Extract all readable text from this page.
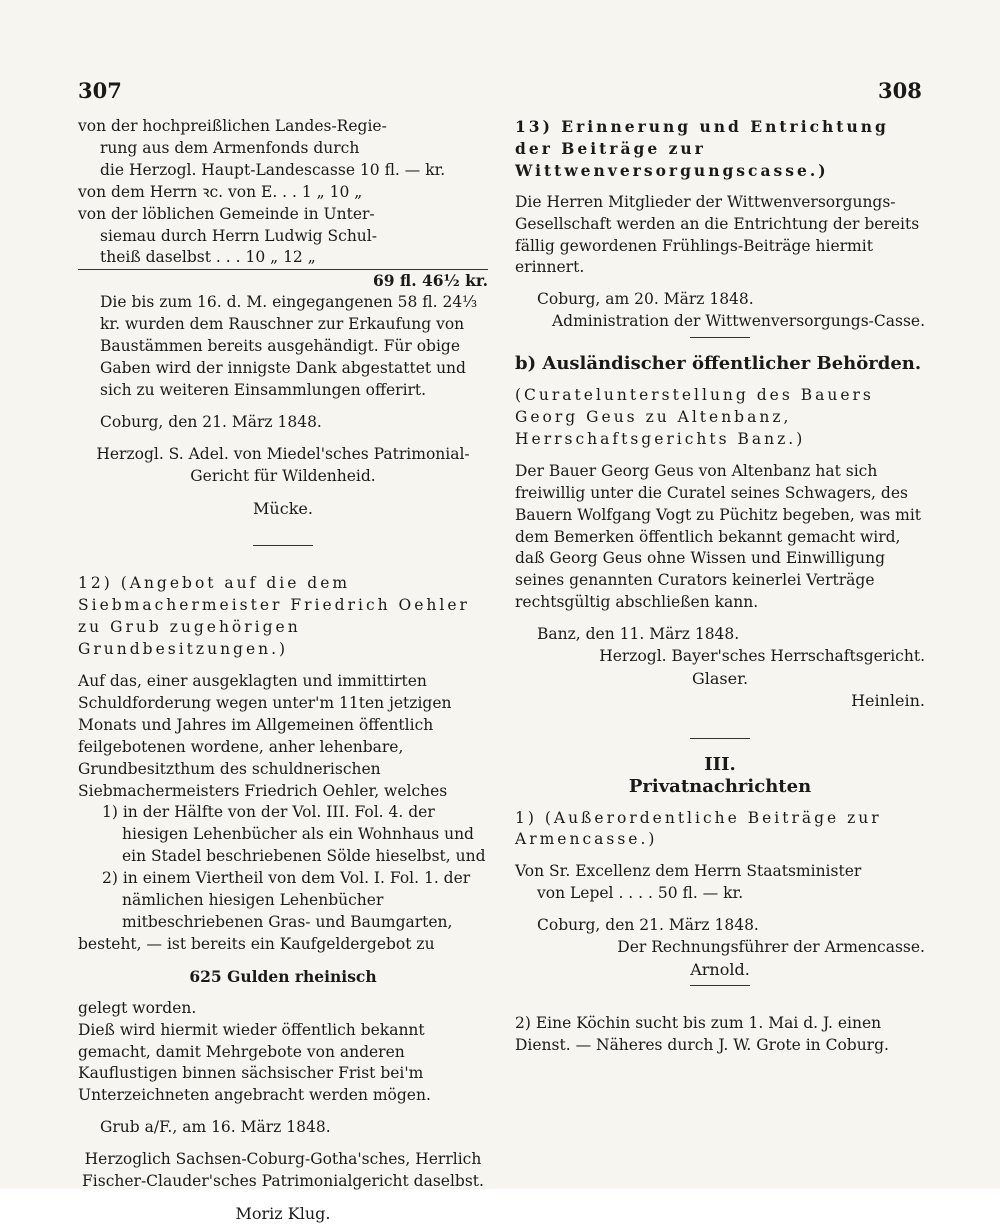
307	308

von der hochpreißlichen Landes-Regie-

rung aus dem Armenfonds durch

die Herzogl. Haupt-Landescasse 10 fl. — kr.

von dem Herrn ꝛc. von E. . . 1 „ 10 „

von der löblichen Gemeinde in Unter-

siemau durch Herrn Ludwig Schul-

theiß daselbst . . . 10 „ 12 „

69 fl. 46½ kr.

Die bis zum 16. d. M. eingegangenen 58 fl. 24⅓ kr. wurden dem Rauschner zur Erkaufung von Baustämmen bereits ausgehändigt. Für obige Gaben wird der innigste Dank abgestattet und sich zu weiteren Einsammlungen offerirt.

Coburg, den 21. März 1848.

Herzogl. S. Adel. von Miedel'sches Patrimonial-Gericht für Wildenheid.

Mücke.

12) (Angebot auf die dem Siebmachermeister Friedrich Oehler zu Grub zugehörigen Grundbesitzungen.)

Auf das, einer ausgeklagten und immittirten Schuldforderung wegen unter'm 11ten jetzigen Monats und Jahres im Allgemeinen öffentlich feilgebotenen wordene, anher lehenbare, Grundbesitzthum des schuldnerischen Siebmachermeisters Friedrich Oehler, welches

1) in der Hälfte von der Vol. III. Fol. 4. der hiesigen Lehenbücher als ein Wohnhaus und ein Stadel beschriebenen Sölde hieselbst, und

2) in einem Viertheil von dem Vol. I. Fol. 1. der nämlichen hiesigen Lehenbücher mitbeschriebenen Gras- und Baumgarten,

besteht, — ist bereits ein Kaufgeldergebot zu

625 Gulden rheinisch

gelegt worden.

Dieß wird hiermit wieder öffentlich bekannt gemacht, damit Mehrgebote von anderen Kauflustigen binnen sächsischer Frist bei'm Unterzeichneten angebracht werden mögen.

Grub a/F., am 16. März 1848.

Herzoglich Sachsen-Coburg-Gotha'sches, Herrlich Fischer-Clauder'sches Patrimonialgericht daselbst.

Moriz Klug.

13) Erinnerung und Entrichtung der Beiträge zur Wittwenversorgungscasse.)

Die Herren Mitglieder der Wittwenversorgungs-Gesellschaft werden an die Entrichtung der bereits fällig gewordenen Frühlings-Beiträge hiermit erinnert.

Coburg, am 20. März 1848.

Administration der Wittwenversorgungs-Casse.

b) Ausländischer öffentlicher Behörden.

(Curatelunterstellung des Bauers Georg Geus zu Altenbanz, Herrschaftsgerichts Banz.)

Der Bauer Georg Geus von Altenbanz hat sich freiwillig unter die Curatel seines Schwagers, des Bauern Wolfgang Vogt zu Püchitz begeben, was mit dem Bemerken öffentlich bekannt gemacht wird, daß Georg Geus ohne Wissen und Einwilligung seines genannten Curators keinerlei Verträge rechtsgültig abschließen kann.

Banz, den 11. März 1848.

Herzogl. Bayer'sches Herrschaftsgericht.

Glaser.

Heinlein.

III.

Privatnachrichten

1) (Außerordentliche Beiträge zur Armencasse.)

Von Sr. Excellenz dem Herrn Staatsminister

von Lepel . . . . 50 fl. — kr.

Coburg, den 21. März 1848.

Der Rechnungsführer der Armencasse.

Arnold.

2) Eine Köchin sucht bis zum 1. Mai d. J. einen Dienst. — Näheres durch J. W. Grote in Coburg.
